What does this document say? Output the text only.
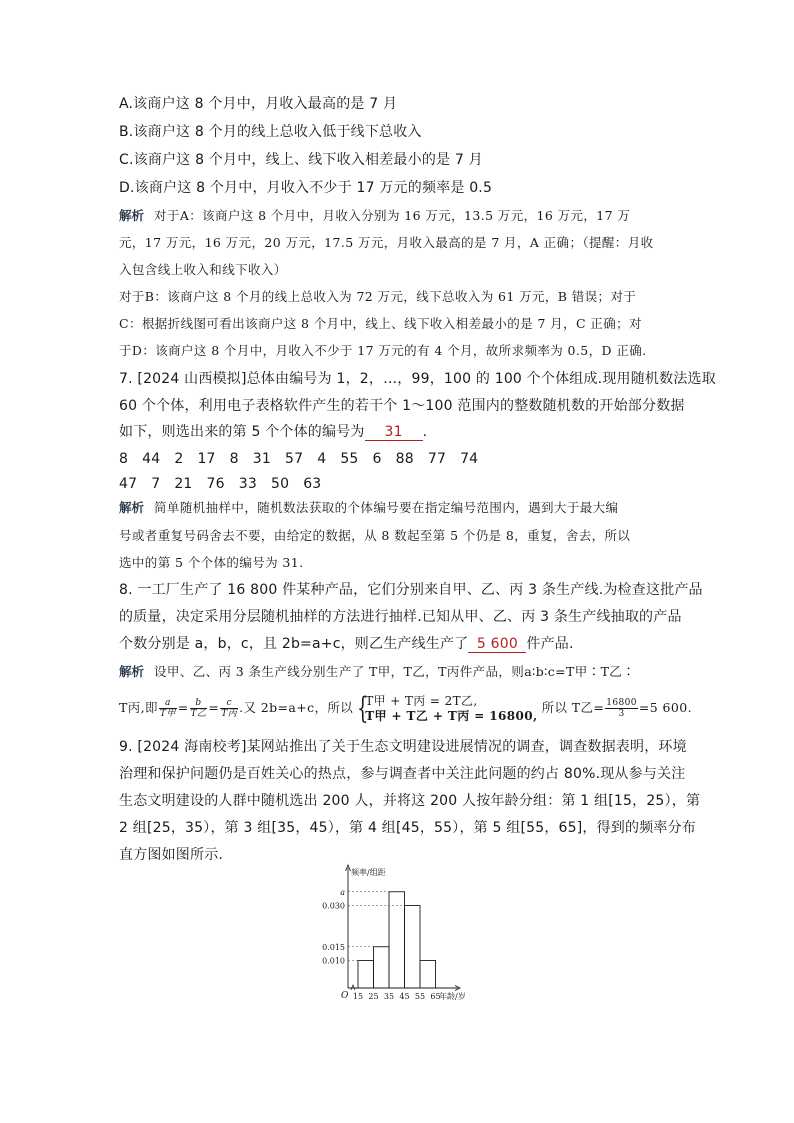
A.该商户这 8 个月中，月收入最高的是 7 月
B.该商户这 8 个月的线上总收入低于线下总收入
C.该商户这 8 个月中，线上、线下收入相差最小的是 7 月
D.该商户这 8 个月中，月收入不少于 17 万元的频率是 0.5
解析 对于A：该商户这 8 个月中，月收入分别为 16 万元，13.5 万元，16 万元，17 万
元，17 万元，16 万元，20 万元，17.5 万元，月收入最高的是 7 月，A 正确；（提醒：月收
入包含线上收入和线下收入）
对于B：该商户这 8 个月的线上总收入为 72 万元，线下总收入为 61 万元，B 错误；对于
C：根据折线图可看出该商户这 8 个月中，线上、线下收入相差最小的是 7 月，C 正确；对
于D：该商户这 8 个月中，月收入不少于 17 万元的有 4 个月，故所求频率为 0.5，D 正确.
7. [2024 山西模拟]总体由编号为 1，2，…，99，100 的 100 个个体组成.现用随机数法选取
60 个个体，利用电子表格软件产生的若干个 1～100 范围内的整数随机数的开始部分数据
如下，则选出来的第 5 个个体的编号为 31 .
8 44 2 17 8 31 57 4 55 6 88 77 74
47 7 21 76 33 50 63
解析 简单随机抽样中，随机数法获取的个体编号要在指定编号范围内，遇到大于最大编
号或者重复号码舍去不要，由给定的数据，从 8 数起至第 5 个仍是 8，重复，舍去，所以
选中的第 5 个个体的编号为 31.
8. 一工厂生产了 16 800 件某种产品，它们分别来自甲、乙、丙 3 条生产线.为检查这批产品
的质量，决定采用分层随机抽样的方法进行抽样.已知从甲、乙、丙 3 条生产线抽取的产品
个数分别是 a，b，c，且 2b=a+c，则乙生产线生产了 5 600 件产品.
解析 设甲、乙、丙 3 条生产线分别生产了 T甲，T乙，T丙件产品，则a∶b∶c=T甲∶T乙∶
T丙,即 $\frac{a}{\text{T甲}} = \frac{b}{\text{T乙}} = \frac{c}{\text{T丙}}$ .又 2b=a+c，所以 {
T甲 + T丙 = 2T乙,
T甲 + T乙 + T丙 = 16800,
所以 T乙= $\frac{16800}{3} =5$ 600.
9. [2024 海南校考]某网站推出了关于生态文明建设进展情况的调查，调查数据表明，环境
治理和保护问题仍是百姓关心的热点，参与调查者中关注此问题的约占 80%.现从参与关注
生态文明建设的人群中随机选出 200 人，并将这 200 人按年龄分组：第 1 组[15，25），第
2 组[25，35），第 3 组[35，45），第 4 组[45，55），第 5 组[55，65]，得到的频率分布
直方图如图所示.
0.010
0.015
0.030
a
15 25 35 45 55 65
O	年龄/岁
频率/组距
